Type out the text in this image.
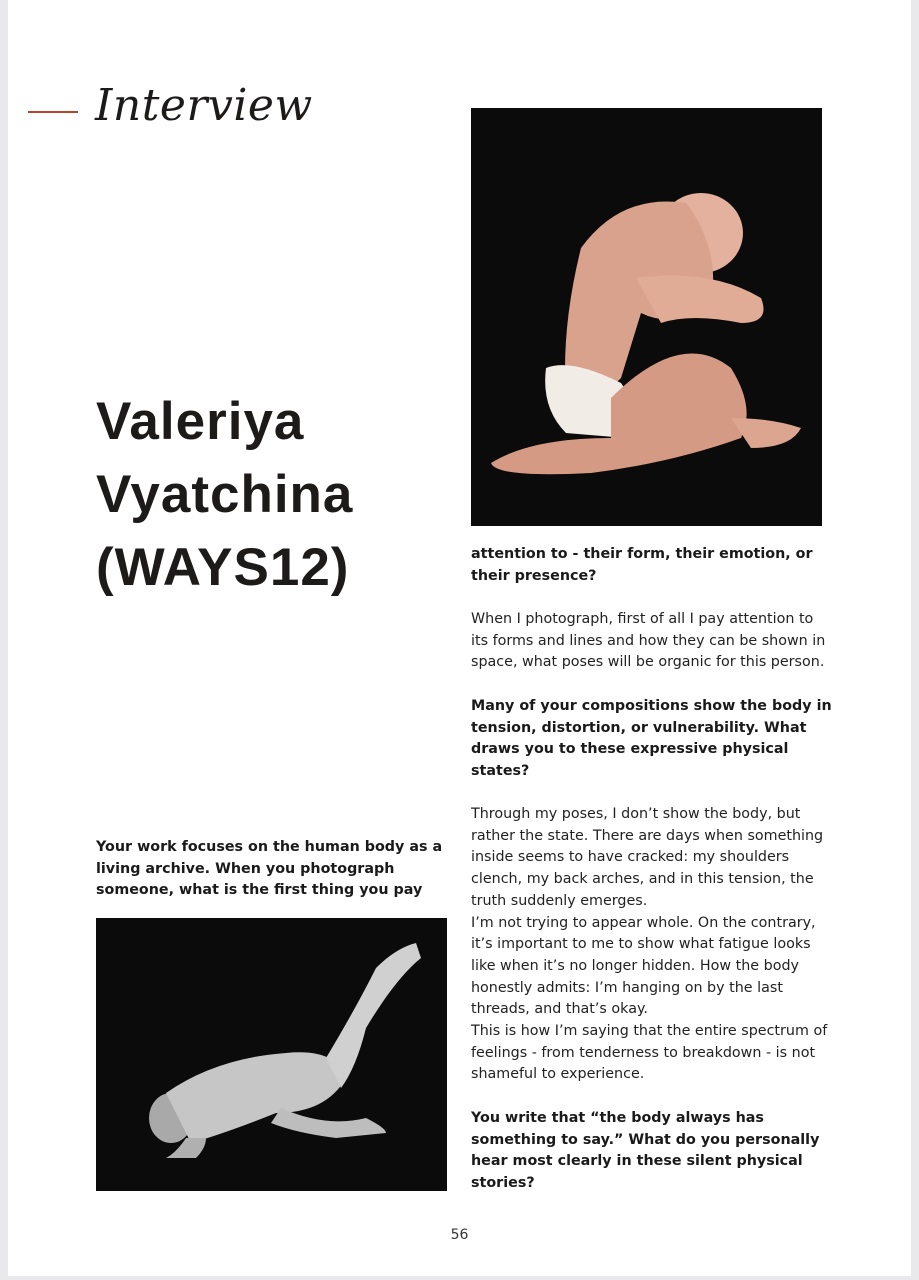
Interview
Valeriya
Vyatchina
(WAYS12)	attention to - their form, their emotion, or
their presence?
When I photograph, first of all I pay attention to
its forms and lines and how they can be shown in
space, what poses will be organic for this person.
Many of your compositions show the body in
tension, distortion, or vulnerability. What
draws you to these expressive physical
states?
Through my poses, I don’t show the body, but
rather the state. There are days when something
inside seems to have cracked: my shoulders
clench, my back arches, and in this tension, the
truth suddenly emerges.
I’m not trying to appear whole. On the contrary,
it’s important to me to show what fatigue looks
like when it’s no longer hidden. How the body
honestly admits: I’m hanging on by the last
threads, and that’s okay.
This is how I’m saying that the entire spectrum of
feelings - from tenderness to breakdown - is not
shameful to experience.
You write that “the body always has
something to say.” What do you personally
hear most clearly in these silent physical
stories?
Your work focuses on the human body as a
living archive. When you photograph
someone, what is the first thing you pay
56
